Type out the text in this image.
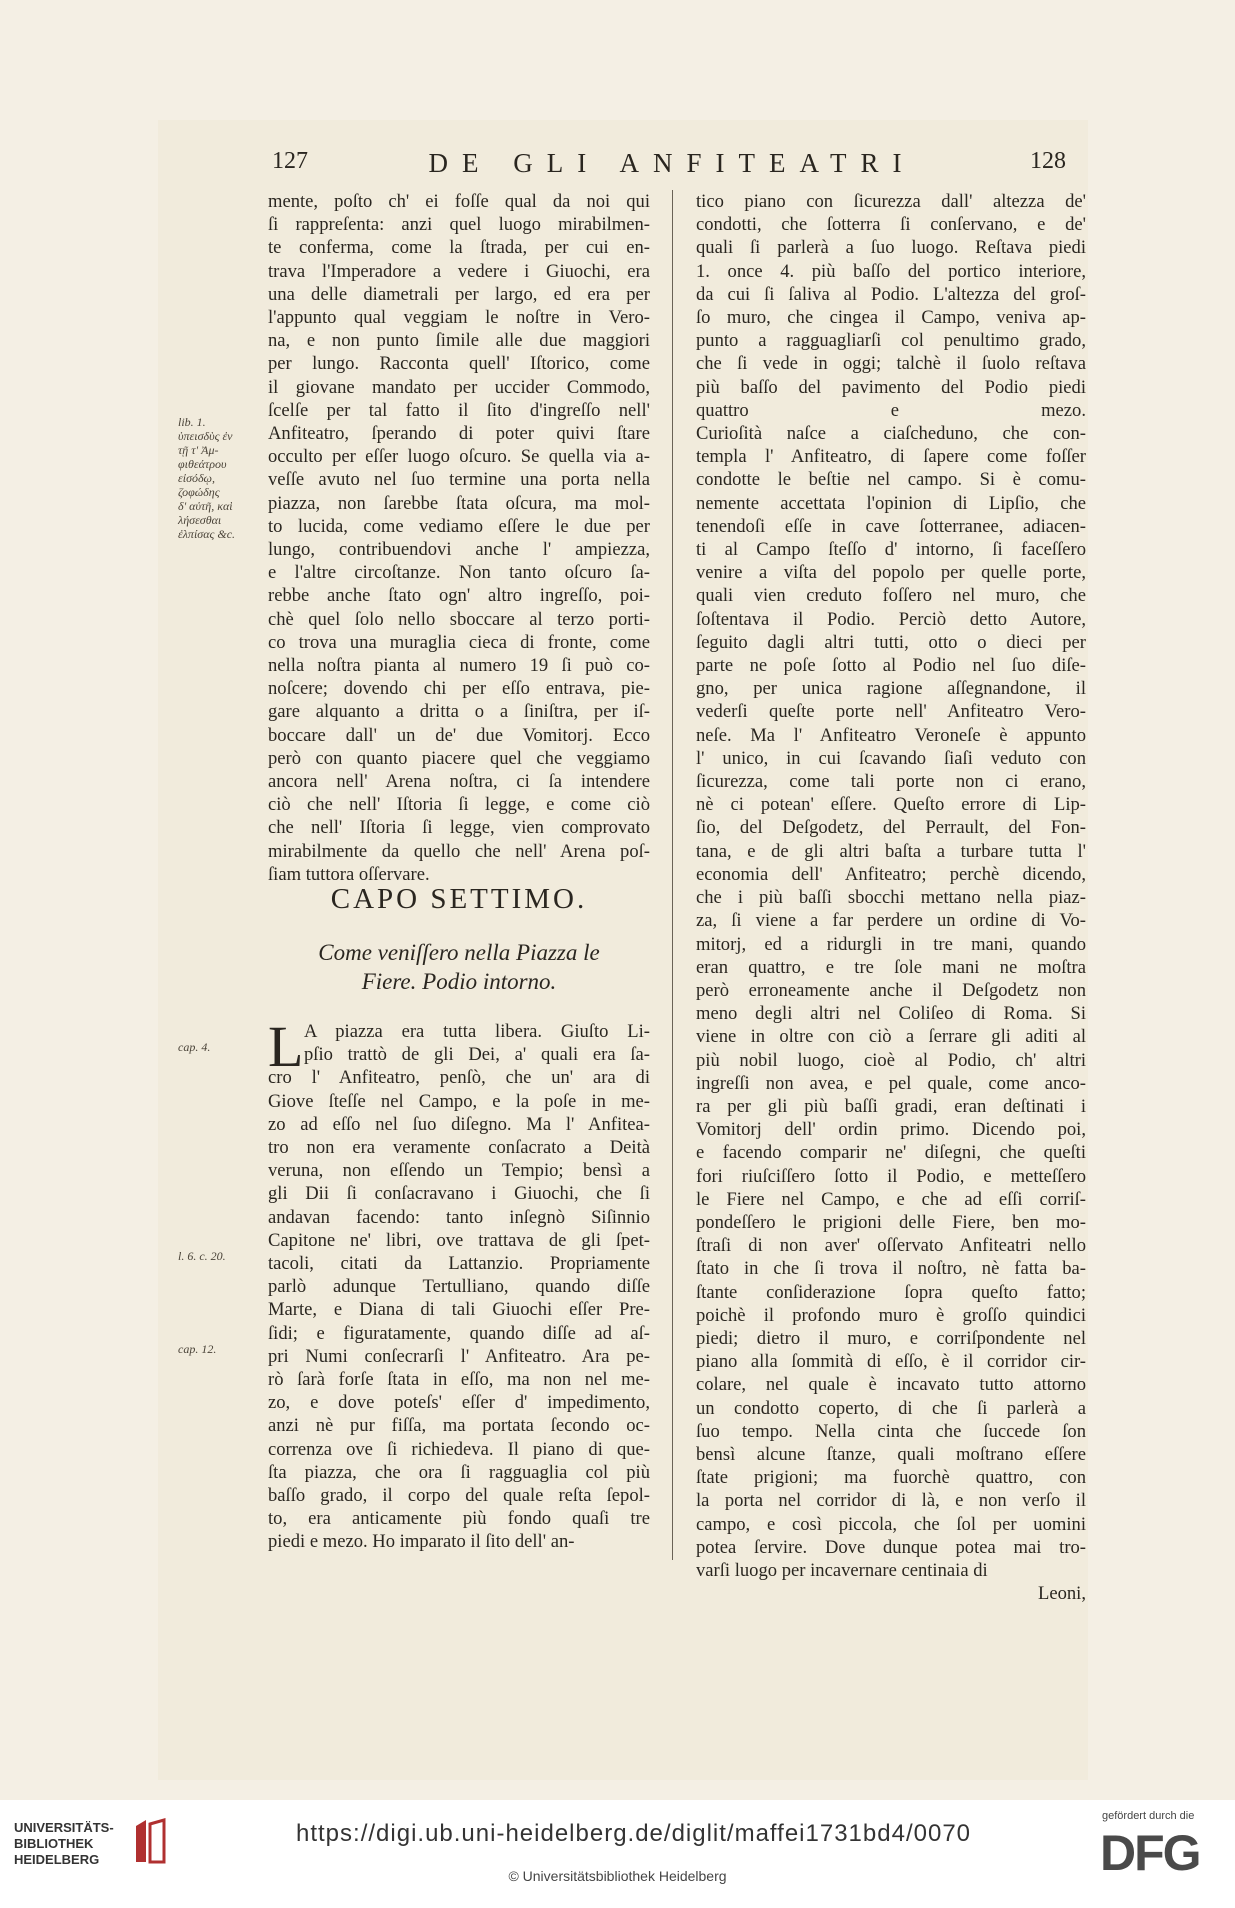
127	DE GLI ANFITEATRI	128
mente, poſto ch' ei foſſe qual da noi qui
ſi rappreſenta: anzi quel luogo mirabilmen-
te conferma, come la ſtrada, per cui en-
trava l'Imperadore a vedere i Giuochi, era
una delle diametrali per largo, ed era per
l'appunto qual veggiam le noſtre in Vero-
na, e non punto ſimile alle due maggiori
per lungo. Racconta quell' Iſtorico, come
il giovane mandato per uccider Commodo,
ſcelſe per tal fatto il ſito d'ingreſſo nell'
Anfiteatro, ſperando di poter quivi ſtare
occulto per eſſer luogo oſcuro. Se quella via a-
veſſe avuto nel ſuo termine una porta nella
piazza, non ſarebbe ſtata oſcura, ma mol-
to lucida, come vediamo eſſere le due per
lungo, contribuendovi anche l' ampiezza,
e l'altre circoſtanze. Non tanto oſcuro ſa-
rebbe anche ſtato ogn' altro ingreſſo, poi-
chè quel ſolo nello sboccare al terzo porti-
co trova una muraglia cieca di fronte, come
nella noſtra pianta al numero 19 ſi può co-
noſcere; dovendo chi per eſſo entrava, pie-
gare alquanto a dritta o a ſiniſtra, per iſ-
boccare dall' un de' due Vomitorj. Ecco
però con quanto piacere quel che veggiamo
ancora nell' Arena noſtra, ci ſa intendere
ciò che nell' Iſtoria ſi legge, e come ciò
che nell' Iſtoria ſi legge, vien comprovato
mirabilmente da quello che nell' Arena poſ-
ſiam tuttora oſſervare.
lib. 1.
ὑπεισδὺς ἐν
τῇ τ' Ἀμ-
φιθεάτρου
εἰσόδῳ,
ζοφώδης
δ' αὐτῆ, καὶ
λήσεσθαι
ἐλπίσας &c.
CAPO SETTIMO.
Come veniſſero nella Piazza le
Fiere. Podio intorno.
L
cap. 4.
l. 6. c. 20.
cap. 12.
A piazza era tutta libera. Giuſto Li-
pſio trattò de gli Dei, a' quali era ſa-
cro l' Anfiteatro, penſò, che un' ara di
Giove ſteſſe nel Campo, e la poſe in me-
zo ad eſſo nel ſuo diſegno. Ma l' Anfitea-
tro non era veramente conſacrato a Deità
veruna, non eſſendo un Tempio; bensì a
gli Dii ſi conſacravano i Giuochi, che ſi
andavan facendo: tanto inſegnò Siſinnio
Capitone ne' libri, ove trattava de gli ſpet-
tacoli, citati da Lattanzio. Propriamente
parlò adunque Tertulliano, quando diſſe
Marte, e Diana di tali Giuochi eſſer Pre-
ſidi; e figuratamente, quando diſſe ad aſ-
pri Numi conſecrarſi l' Anfiteatro. Ara pe-
rò ſarà forſe ſtata in eſſo, ma non nel me-
zo, e dove poteſs' eſſer d' impedimento,
anzi nè pur fiſſa, ma portata ſecondo oc-
correnza ove ſi richiedeva. Il piano di que-
ſta piazza, che ora ſi ragguaglia col più
baſſo grado, il corpo del quale reſta ſepol-
to, era anticamente più fondo quaſi tre
piedi e mezo. Ho imparato il ſito dell' an-
tico piano con ſicurezza dall' altezza de'
condotti, che ſotterra ſi conſervano, e de'
quali ſi parlerà a ſuo luogo. Reſtava piedi
1. once 4. più baſſo del portico interiore,
da cui ſi ſaliva al Podio. L'altezza del groſ-
ſo muro, che cingea il Campo, veniva ap-
punto a ragguagliarſi col penultimo grado,
che ſi vede in oggi; talchè il ſuolo reſtava
più baſſo del pavimento del Podio piedi
quattro e mezo.
Curioſità naſce a ciaſcheduno, che con-
templa l' Anfiteatro, di ſapere come foſſer
condotte le beſtie nel campo. Si è comu-
nemente accettata l'opinion di Lipſio, che
tenendoſi eſſe in cave ſotterranee, adiacen-
ti al Campo ſteſſo d' intorno, ſi faceſſero
venire a viſta del popolo per quelle porte,
quali vien creduto foſſero nel muro, che
ſoſtentava il Podio. Perciò detto Autore,
ſeguito dagli altri tutti, otto o dieci per
parte ne poſe ſotto al Podio nel ſuo diſe-
gno, per unica ragione aſſegnandone, il
vederſi queſte porte nell' Anfiteatro Vero-
neſe. Ma l' Anfiteatro Veroneſe è appunto
l' unico, in cui ſcavando ſiaſi veduto con
ſicurezza, come tali porte non ci erano,
nè ci potean' eſſere. Queſto errore di Lip-
ſio, del Deſgodetz, del Perrault, del Fon-
tana, e de gli altri baſta a turbare tutta l'
economia dell' Anfiteatro; perchè dicendo,
che i più baſſi sbocchi mettano nella piaz-
za, ſi viene a far perdere un ordine di Vo-
mitorj, ed a ridurgli in tre mani, quando
eran quattro, e tre ſole mani ne moſtra
però erroneamente anche il Deſgodetz non
meno degli altri nel Coliſeo di Roma. Si
viene in oltre con ciò a ſerrare gli aditi al
più nobil luogo, cioè al Podio, ch' altri
ingreſſi non avea, e pel quale, come anco-
ra per gli più baſſi gradi, eran deſtinati i
Vomitorj dell' ordin primo. Dicendo poi,
e facendo comparir ne' diſegni, che queſti
fori riuſciſſero ſotto il Podio, e metteſſero
le Fiere nel Campo, e che ad eſſi corriſ-
pondeſſero le prigioni delle Fiere, ben mo-
ſtraſi di non aver' oſſervato Anfiteatri nello
ſtato in che ſi trova il noſtro, nè fatta ba-
ſtante conſiderazione ſopra queſto fatto;
poichè il profondo muro è groſſo quindici
piedi; dietro il muro, e corriſpondente nel
piano alla ſommità di eſſo, è il corridor cir-
colare, nel quale è incavato tutto attorno
un condotto coperto, di che ſi parlerà a
ſuo tempo. Nella cinta che ſuccede ſon
bensì alcune ſtanze, quali moſtrano eſſere
ſtate prigioni; ma fuorchè quattro, con
la porta nel corridor di là, e non verſo il
campo, e così piccola, che ſol per uomini
potea ſervire. Dove dunque potea mai tro-
varſi luogo per incavernare centinaia di
Leoni,
UNIVERSITÄTS-
BIBLIOTHEK
HEIDELBERG
https://digi.ub.uni-heidelberg.de/diglit/maffei1731bd4/0070
© Universitätsbibliothek Heidelberg
gefördert durch die
DFG
